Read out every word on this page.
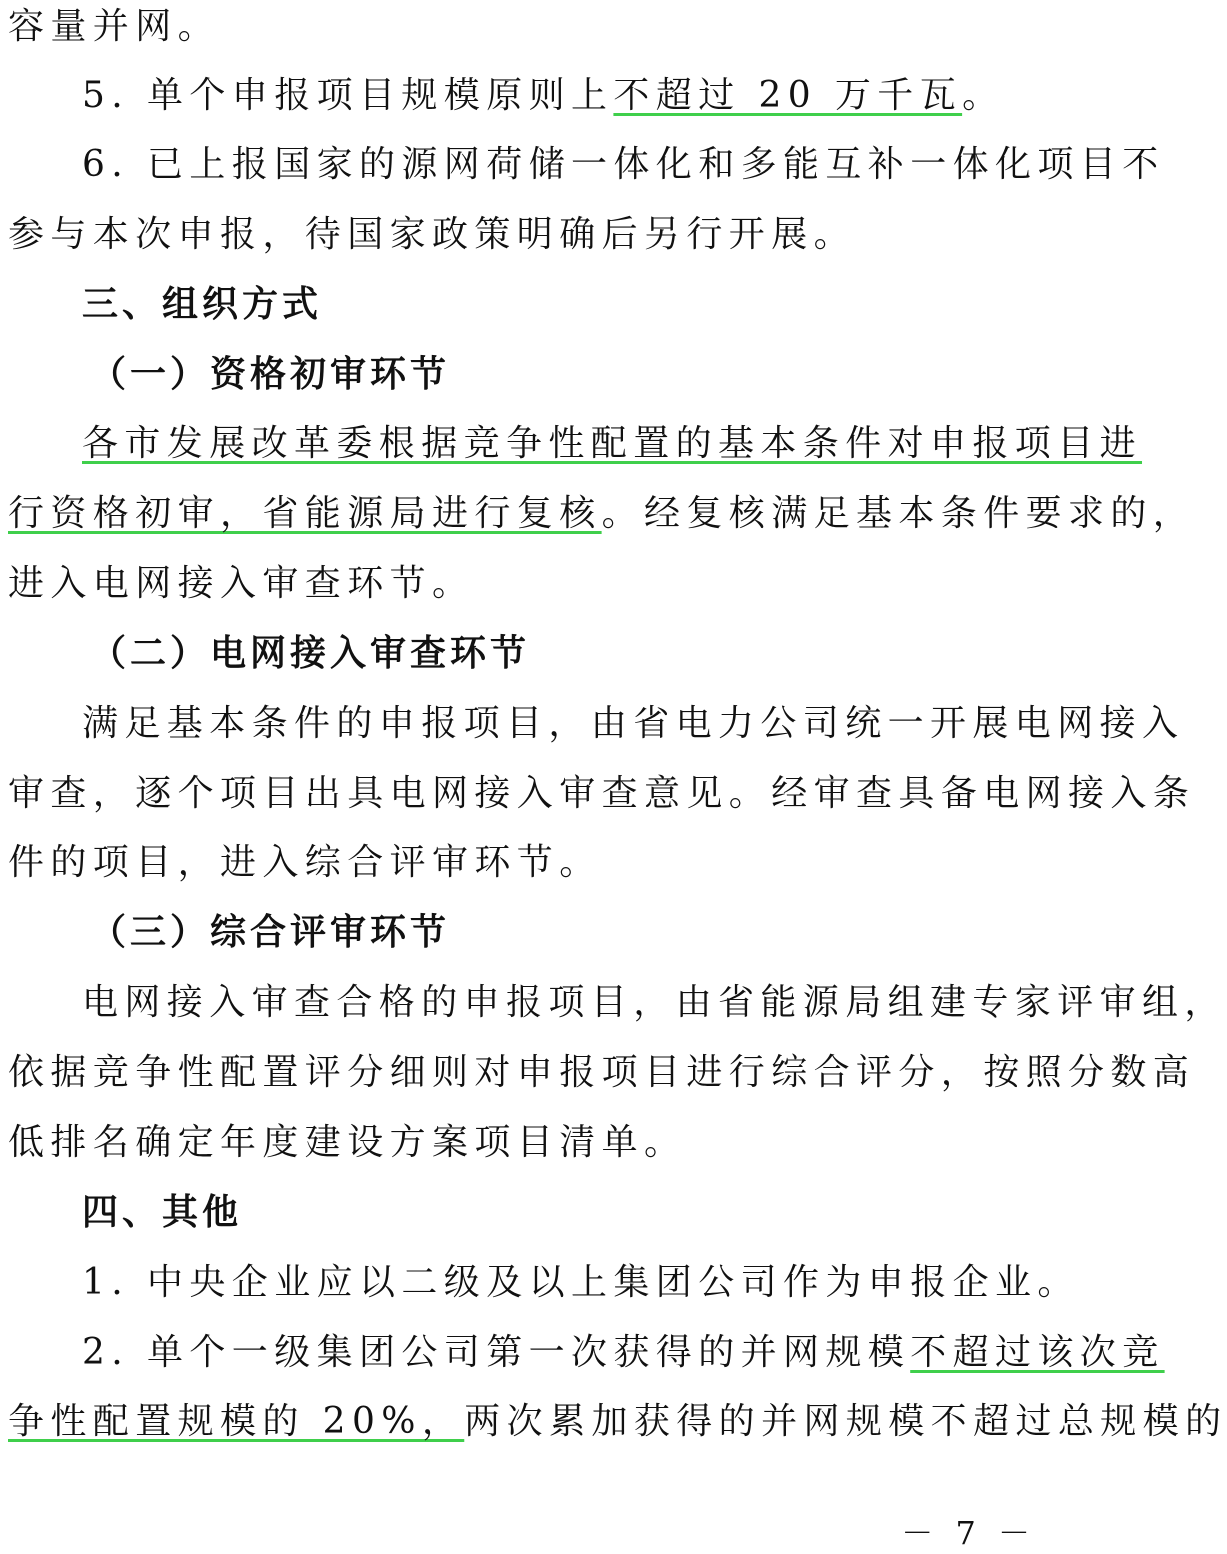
容量并网。
5. 单个申报项目规模原则上不超过 20 万千瓦。
6. 已上报国家的源网荷储一体化和多能互补一体化项目不
参与本次申报，待国家政策明确后另行开展。
三、组织方式
（一）资格初审环节
各市发展改革委根据竞争性配置的基本条件对申报项目进
行资格初审，省能源局进行复核。经复核满足基本条件要求的，
进入电网接入审查环节。
（二）电网接入审查环节
满足基本条件的申报项目，由省电力公司统一开展电网接入
审查，逐个项目出具电网接入审查意见。经审查具备电网接入条
件的项目，进入综合评审环节。
（三）综合评审环节
电网接入审查合格的申报项目，由省能源局组建专家评审组，
依据竞争性配置评分细则对申报项目进行综合评分，按照分数高
低排名确定年度建设方案项目清单。
四、其他
1. 中央企业应以二级及以上集团公司作为申报企业。
2. 单个一级集团公司第一次获得的并网规模不超过该次竞
争性配置规模的 20%，两次累加获得的并网规模不超过总规模的
－ 7 －
